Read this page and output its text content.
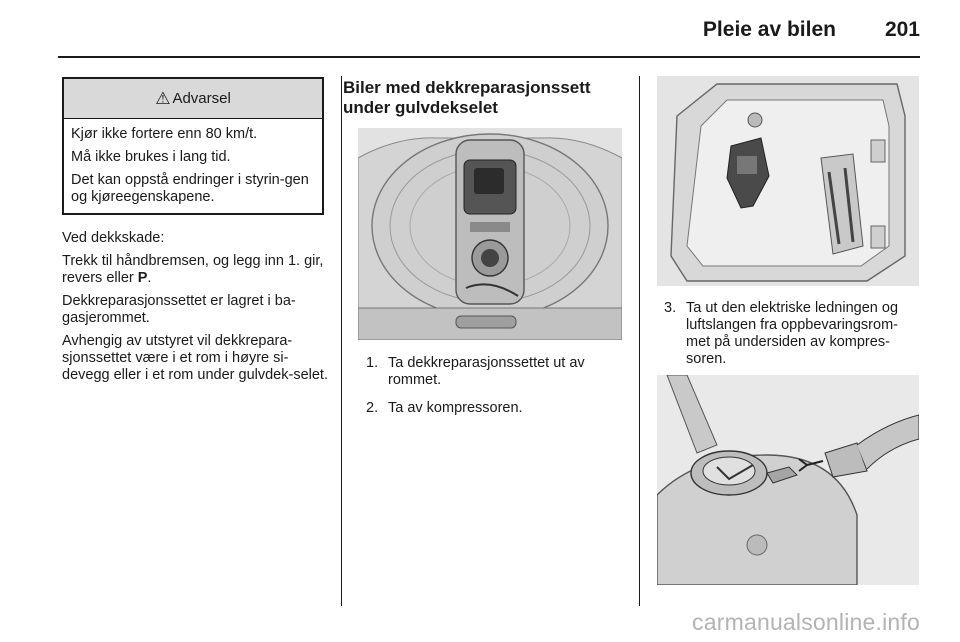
Pleie av bilen 201
⚠ Advarsel

Kjør ikke fortere enn 80 km/t.

Må ikke brukes i lang tid.

Det kan oppstå endringer i styrin-gen og kjøreegenskapene.

Ved dekkskade:

Trekk til håndbremsen, og legg inn 1. gir, revers eller P.

Dekkreparasjonssettet er lagret i ba-gasjerommet.

Avhengig av utstyret vil dekkrepara-sjonssettet være i et rom i høyre si-devegg eller i et rom under gulvdek-selet.

Biler med dekkreparasjonssett under gulvdekselet
1. Ta dekkreparasjonssettet ut av rommet.
2. Ta av kompressoren.
3. Ta ut den elektriske ledningen og luftslangen fra oppbevaringsrom-met på undersiden av kompres-soren.
carmanualsonline.info
